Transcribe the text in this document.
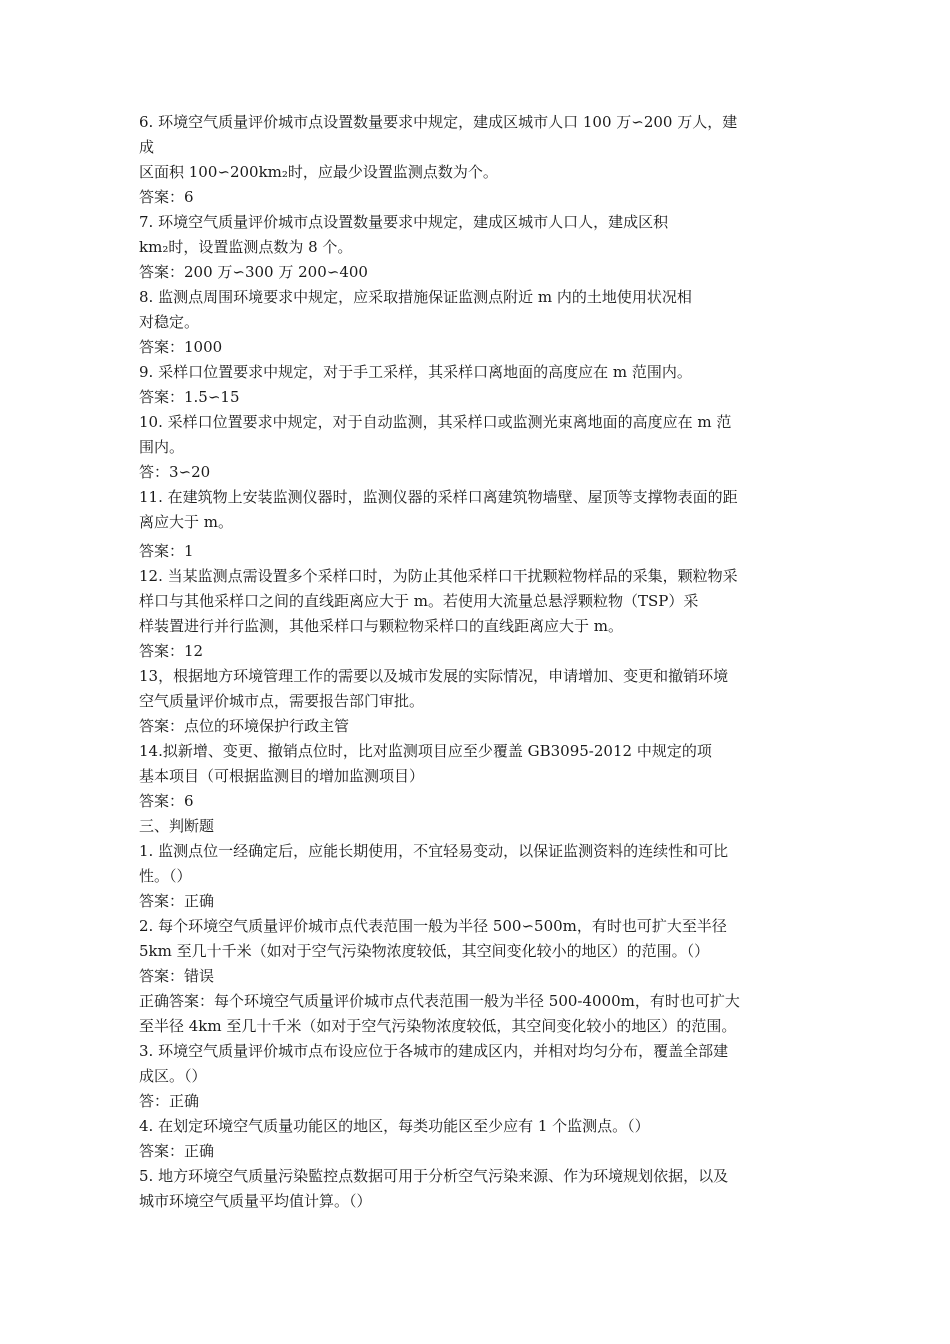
6. 环境空气质量评价城市点设置数量要求中规定，建成区城市人口 100 万∽200 万人，建
成
区面积 100∽200km₂时，应最少设置监测点数为个。
答案：6
7. 环境空气质量评价城市点设置数量要求中规定，建成区城市人口人，建成区积
km₂时，设置监测点数为 8 个。
答案：200 万∽300 万 200∽400
8. 监测点周围环境要求中规定，应采取措施保证监测点附近 m 内的土地使用状况相
对稳定。
答案：1000
9. 采样口位置要求中规定，对于手工采样，其采样口离地面的高度应在 m 范围内。
答案：1.5∽15
10. 采样口位置要求中规定，对于自动监测，其采样口或监测光束离地面的高度应在 m 范
围内。
答：3∽20
11. 在建筑物上安装监测仪器时，监测仪器的采样口离建筑物墙壁、屋顶等支撑物表面的距
离应大于 m。
答案：1
12. 当某监测点需设置多个采样口时，为防止其他采样口干扰颗粒物样品的采集，颗粒物采
样口与其他采样口之间的直线距离应大于 m。若使用大流量总悬浮颗粒物（TSP）采
样装置进行并行监测，其他采样口与颗粒物采样口的直线距离应大于 m。
答案：12
13，根据地方环境管理工作的需要以及城市发展的实际情况，申请增加、变更和撤销环境
空气质量评价城市点，需要报告部门审批。
答案：点位的环境保护行政主管
14.拟新增、变更、撤销点位时，比对监测项目应至少覆盖 GB3095-2012 中规定的项
基本项目（可根据监测目的增加监测项目）
答案：6
三、判断题
1. 监测点位一经确定后，应能长期使用，不宜轻易变动，以保证监测资料的连续性和可比
性。（）
答案：正确
2. 每个环境空气质量评价城市点代表范围一般为半径 500∽500m，有时也可扩大至半径
5km 至几十千米（如对于空气污染物浓度较低，其空间变化较小的地区）的范围。（）
答案：错误
正确答案：每个环境空气质量评价城市点代表范围一般为半径 500-4000m，有时也可扩大
至半径 4km 至几十千米（如对于空气污染物浓度较低，其空间变化较小的地区）的范围。
3. 环境空气质量评价城市点布设应位于各城市的建成区内，并相对均匀分布，覆盖全部建
成区。（）
答：正确
4. 在划定环境空气质量功能区的地区，每类功能区至少应有 1 个监测点。（）
答案：正确
5. 地方环境空气质量污染監控点数据可用于分析空气污染来源、作为环境规划依据，以及
城市环境空气质量平均值计算。（）
